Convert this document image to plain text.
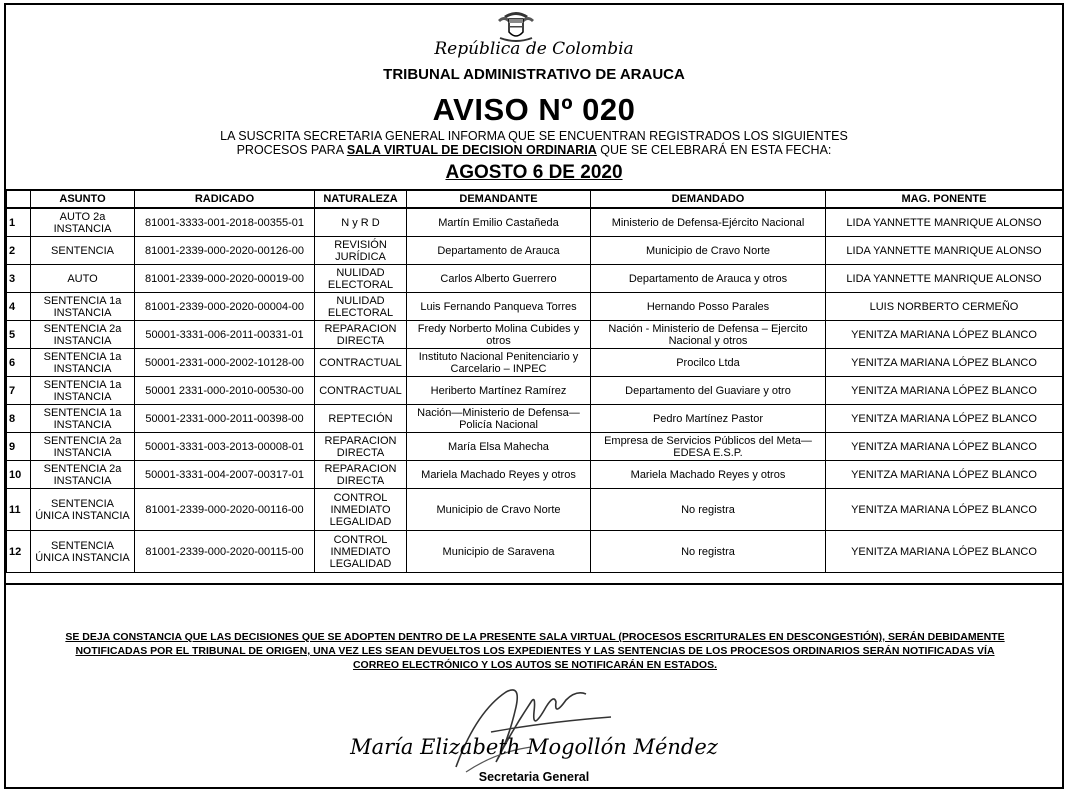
República de Colombia
TRIBUNAL ADMINISTRATIVO DE ARAUCA
AVISO Nº 020
LA SUSCRITA SECRETARIA GENERAL INFORMA QUE SE ENCUENTRAN REGISTRADOS LOS SIGUIENTES
PROCESOS PARA SALA VIRTUAL DE DECISION ORDINARIA QUE SE CELEBRARÁ EN ESTA FECHA:
AGOSTO 6 DE 2020
	ASUNTO	RADICADO	NATURALEZA	DEMANDANTE	DEMANDADO	MAG. PONENTE
1	AUTO 2a INSTANCIA	81001-3333-001-2018-00355-01	N y R D	Martín Emilio Castañeda	Ministerio de Defensa-Ejército Nacional	LIDA YANNETTE MANRIQUE ALONSO
2	SENTENCIA	81001-2339-000-2020-00126-00	REVISIÓN JURÍDICA	Departamento de Arauca	Municipio de Cravo Norte	LIDA YANNETTE MANRIQUE ALONSO
3	AUTO	81001-2339-000-2020-00019-00	NULIDAD ELECTORAL	Carlos Alberto Guerrero	Departamento de Arauca y otros	LIDA YANNETTE MANRIQUE ALONSO
4	SENTENCIA 1a INSTANCIA	81001-2339-000-2020-00004-00	NULIDAD ELECTORAL	Luis Fernando Panqueva Torres	Hernando Posso Parales	LUIS NORBERTO CERMEÑO
5	SENTENCIA 2a INSTANCIA	50001-3331-006-2011-00331-01	REPARACION DIRECTA	Fredy Norberto Molina Cubides y otros	Nación - Ministerio de Defensa – Ejercito Nacional y otros	YENITZA MARIANA LÓPEZ BLANCO
6	SENTENCIA 1a INSTANCIA	50001-2331-000-2002-10128-00	CONTRACTUAL	Instituto Nacional Penitenciario y Carcelario – INPEC	Procilco Ltda	YENITZA MARIANA LÓPEZ BLANCO
7	SENTENCIA 1a INSTANCIA	50001 2331-000-2010-00530-00	CONTRACTUAL	Heriberto Martínez Ramírez	Departamento del Guaviare y otro	YENITZA MARIANA LÓPEZ BLANCO
8	SENTENCIA 1a INSTANCIA	50001-2331-000-2011-00398-00	REPTECIÓN	Nación—Ministerio de Defensa—Policía Nacional	Pedro Martínez Pastor	YENITZA MARIANA LÓPEZ BLANCO
9	SENTENCIA 2a INSTANCIA	50001-3331-003-2013-00008-01	REPARACION DIRECTA	María Elsa Mahecha	Empresa de Servicios Públicos del Meta—EDESA E.S.P.	YENITZA MARIANA LÓPEZ BLANCO
10	SENTENCIA 2a INSTANCIA	50001-3331-004-2007-00317-01	REPARACION DIRECTA	Mariela Machado Reyes y otros	Mariela Machado Reyes y otros	YENITZA MARIANA LÓPEZ BLANCO
11	SENTENCIA ÚNICA INSTANCIA	81001-2339-000-2020-00116-00	CONTROL INMEDIATO LEGALIDAD	Municipio de Cravo Norte	No registra	YENITZA MARIANA LÓPEZ BLANCO
12	SENTENCIA ÚNICA INSTANCIA	81001-2339-000-2020-00115-00	CONTROL INMEDIATO LEGALIDAD	Municipio de Saravena	No registra	YENITZA MARIANA LÓPEZ BLANCO
SE DEJA CONSTANCIA QUE LAS DECISIONES QUE SE ADOPTEN DENTRO DE LA PRESENTE SALA VIRTUAL (PROCESOS ESCRITURALES EN DESCONGESTIÓN), SERÁN DEBIDAMENTE
NOTIFICADAS POR EL TRIBUNAL DE ORIGEN, UNA VEZ LES SEAN DEVUELTOS LOS EXPEDIENTES Y LAS SENTENCIAS DE LOS PROCESOS ORDINARIOS SERÁN NOTIFICADAS VÍA
CORREO ELECTRÓNICO Y LOS AUTOS SE NOTIFICARÁN EN ESTADOS.
María Elizabeth Mogollón Méndez
Secretaria General
